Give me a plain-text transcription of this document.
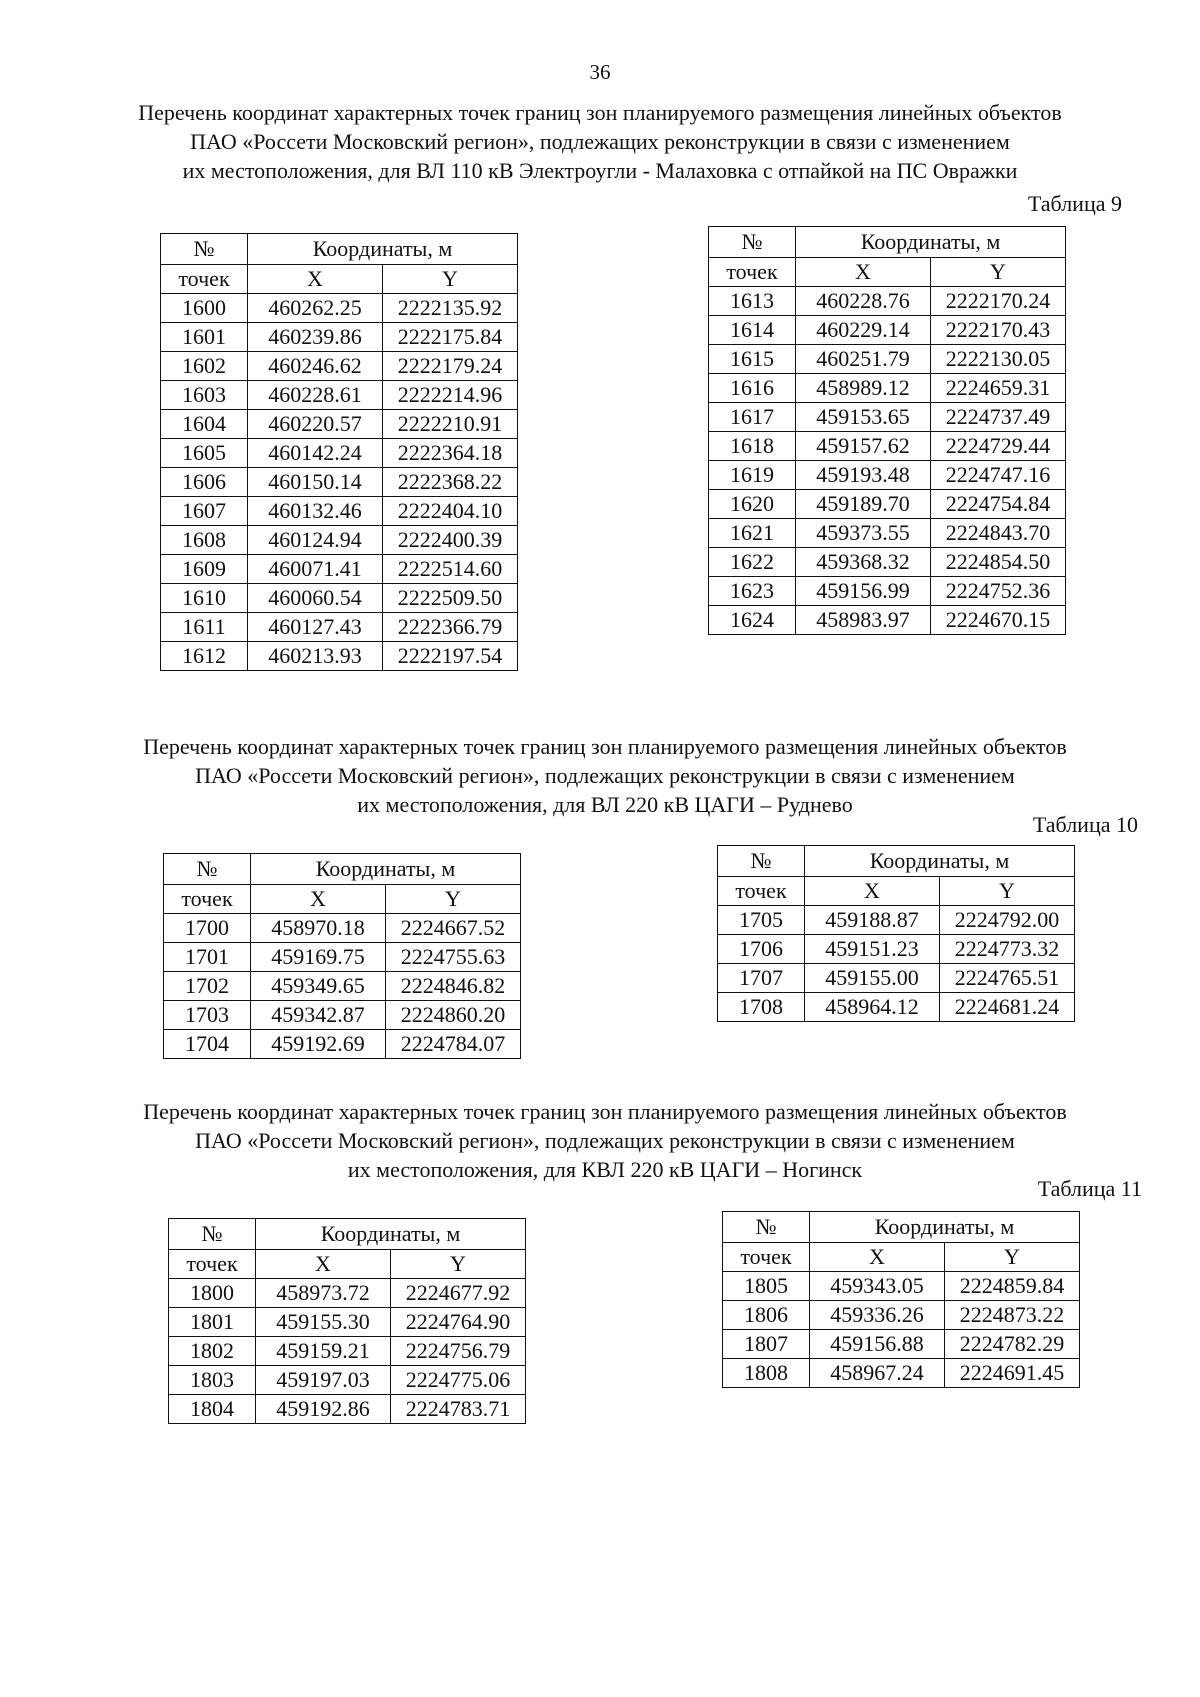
36
Перечень координат характерных точек границ зон планируемого размещения линейных объектов
ПАО «Россети Московский регион», подлежащих реконструкции в связи с изменением
их местоположения, для ВЛ 110 кВ Электроугли - Малаховка с отпайкой на ПС Овражки
Таблица 9
№	Координаты, м	
точек	X	Y
1600	460262.25	2222135.92
1601	460239.86	2222175.84
1602	460246.62	2222179.24
1603	460228.61	2222214.96
1604	460220.57	2222210.91
1605	460142.24	2222364.18
1606	460150.14	2222368.22
1607	460132.46	2222404.10
1608	460124.94	2222400.39
1609	460071.41	2222514.60
1610	460060.54	2222509.50
1611	460127.43	2222366.79
1612	460213.93	2222197.54
№	Координаты, м	
точек	X	Y
1613	460228.76	2222170.24
1614	460229.14	2222170.43
1615	460251.79	2222130.05
1616	458989.12	2224659.31
1617	459153.65	2224737.49
1618	459157.62	2224729.44
1619	459193.48	2224747.16
1620	459189.70	2224754.84
1621	459373.55	2224843.70
1622	459368.32	2224854.50
1623	459156.99	2224752.36
1624	458983.97	2224670.15
Перечень координат характерных точек границ зон планируемого размещения линейных объектов
ПАО «Россети Московский регион», подлежащих реконструкции в связи с изменением
их местоположения, для ВЛ 220 кВ ЦАГИ – Руднево
Таблица 10
№	Координаты, м	
точек	X	Y
1700	458970.18	2224667.52
1701	459169.75	2224755.63
1702	459349.65	2224846.82
1703	459342.87	2224860.20
1704	459192.69	2224784.07
№	Координаты, м	
точек	X	Y
1705	459188.87	2224792.00
1706	459151.23	2224773.32
1707	459155.00	2224765.51
1708	458964.12	2224681.24
Перечень координат характерных точек границ зон планируемого размещения линейных объектов
ПАО «Россети Московский регион», подлежащих реконструкции в связи с изменением
их местоположения, для КВЛ 220 кВ ЦАГИ – Ногинск
Таблица 11
№	Координаты, м	
точек	X	Y
1800	458973.72	2224677.92
1801	459155.30	2224764.90
1802	459159.21	2224756.79
1803	459197.03	2224775.06
1804	459192.86	2224783.71
№	Координаты, м	
точек	X	Y
1805	459343.05	2224859.84
1806	459336.26	2224873.22
1807	459156.88	2224782.29
1808	458967.24	2224691.45
